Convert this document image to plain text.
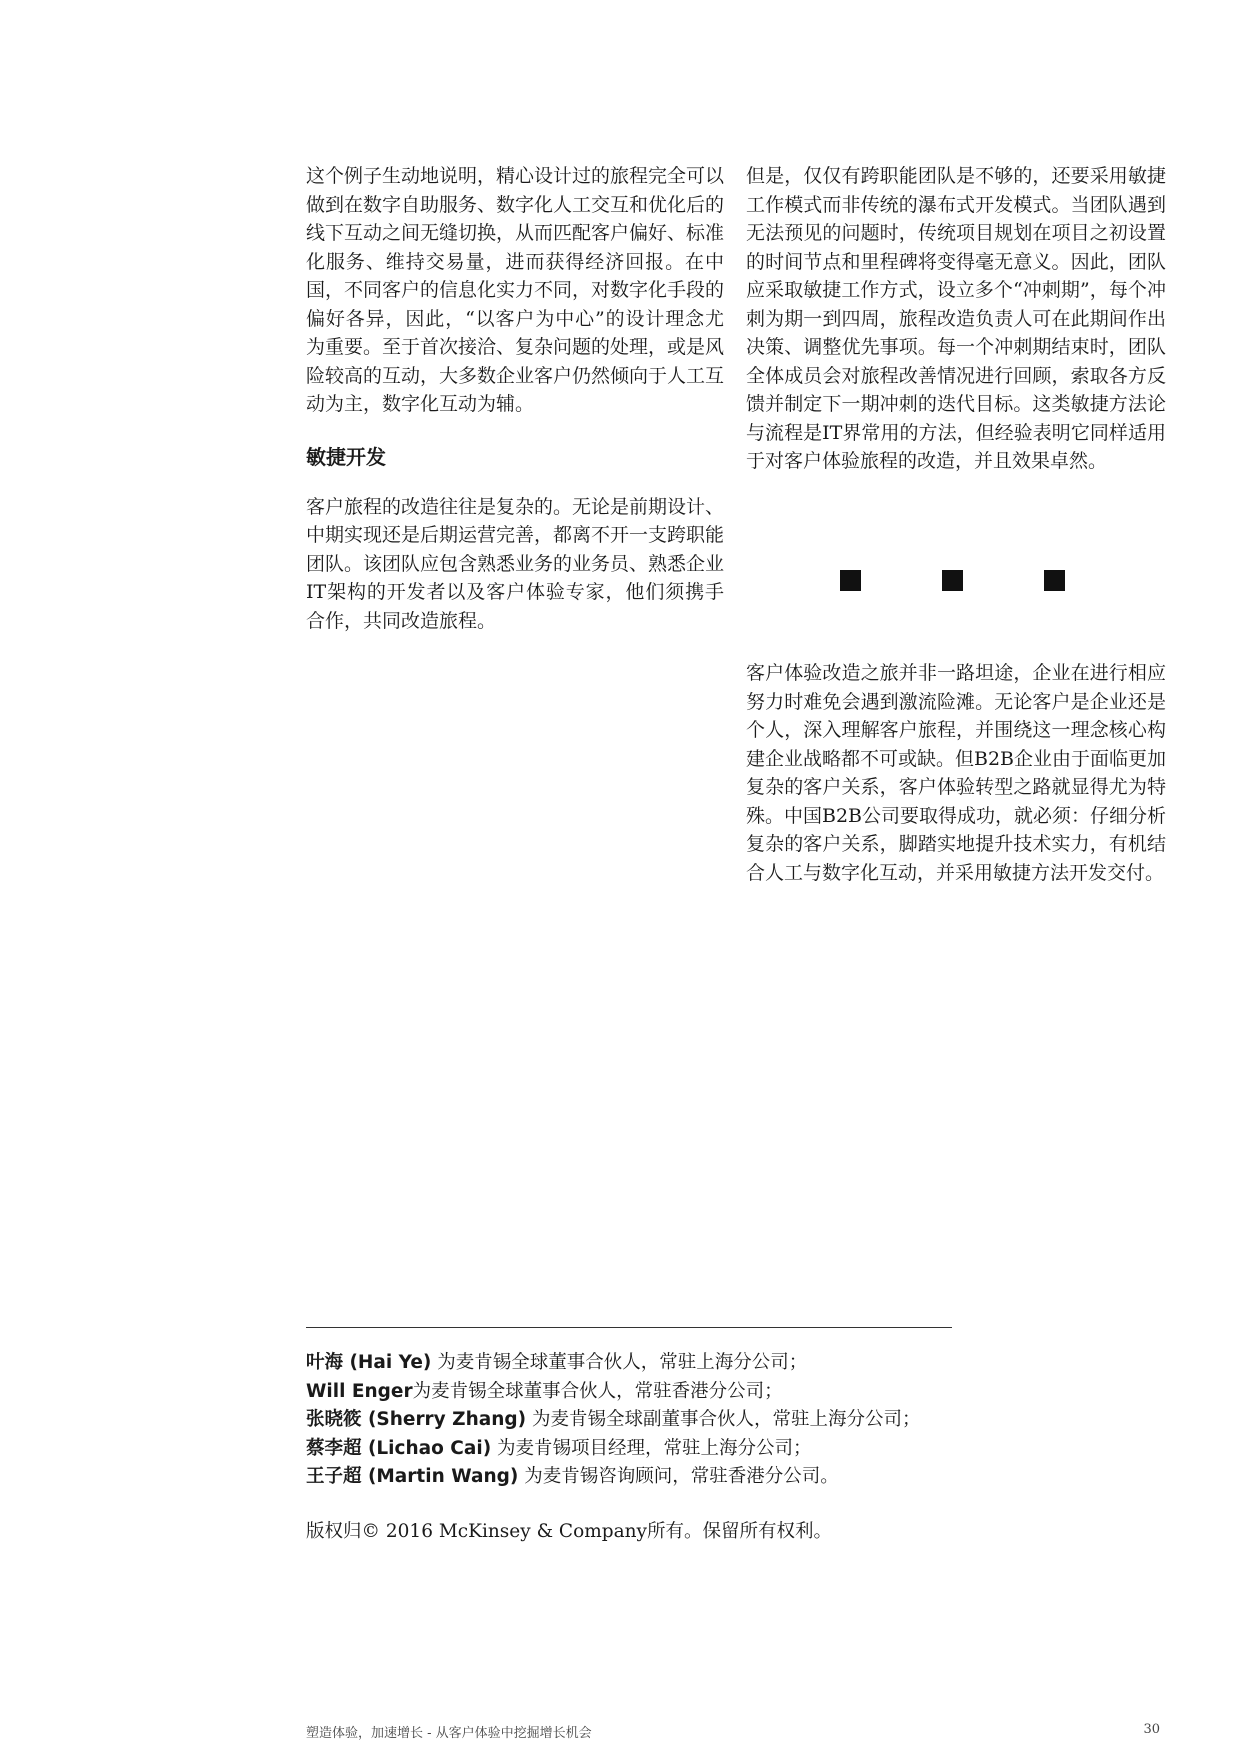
这个例子生动地说明，精心设计过的旅程完全可以做到在数字自助服务、数字化人工交互和优化后的线下互动之间无缝切换，从而匹配客户偏好、标准化服务、维持交易量，进而获得经济回报。在中国，不同客户的信息化实力不同，对数字化手段的偏好各异，因此，“以客户为中心”的设计理念尤为重要。至于首次接洽、复杂问题的处理，或是风险较高的互动，大多数企业客户仍然倾向于人工互动为主，数字化互动为辅。

敏捷开发

客户旅程的改造往往是复杂的。无论是前期设计、中期实现还是后期运营完善，都离不开一支跨职能团队。该团队应包含熟悉业务的业务员、熟悉企业IT架构的开发者以及客户体验专家，他们须携手合作，共同改造旅程。

但是，仅仅有跨职能团队是不够的，还要采用敏捷工作模式而非传统的瀑布式开发模式。当团队遇到无法预见的问题时，传统项目规划在项目之初设置的时间节点和里程碑将变得毫无意义。因此，团队应采取敏捷工作方式，设立多个“冲刺期”，每个冲刺为期一到四周，旅程改造负责人可在此期间作出决策、调整优先事项。每一个冲刺期结束时，团队全体成员会对旅程改善情况进行回顾，索取各方反馈并制定下一期冲刺的迭代目标。这类敏捷方法论与流程是IT界常用的方法，但经验表明它同样适用于对客户体验旅程的改造，并且效果卓然。

客户体验改造之旅并非一路坦途，企业在进行相应努力时难免会遇到激流险滩。无论客户是企业还是个人，深入理解客户旅程，并围绕这一理念核心构建企业战略都不可或缺。但B2B企业由于面临更加复杂的客户关系，客户体验转型之路就显得尤为特殊。中国B2B公司要取得成功，就必须：仔细分析复杂的客户关系，脚踏实地提升技术实力，有机结合人工与数字化互动，并采用敏捷方法开发交付。

叶海 (Hai Ye) 为麦肯锡全球董事合伙人，常驻上海分公司；
Will Enger为麦肯锡全球董事合伙人，常驻香港分公司；
张晓筱 (Sherry Zhang) 为麦肯锡全球副董事合伙人，常驻上海分公司；
蔡李超 (Lichao Cai) 为麦肯锡项目经理，常驻上海分公司；
王子超 (Martin Wang) 为麦肯锡咨询顾问，常驻香港分公司。
版权归© 2016 McKinsey & Company所有。保留所有权利。
塑造体验，加速增长 - 从客户体验中挖掘增长机会	30
